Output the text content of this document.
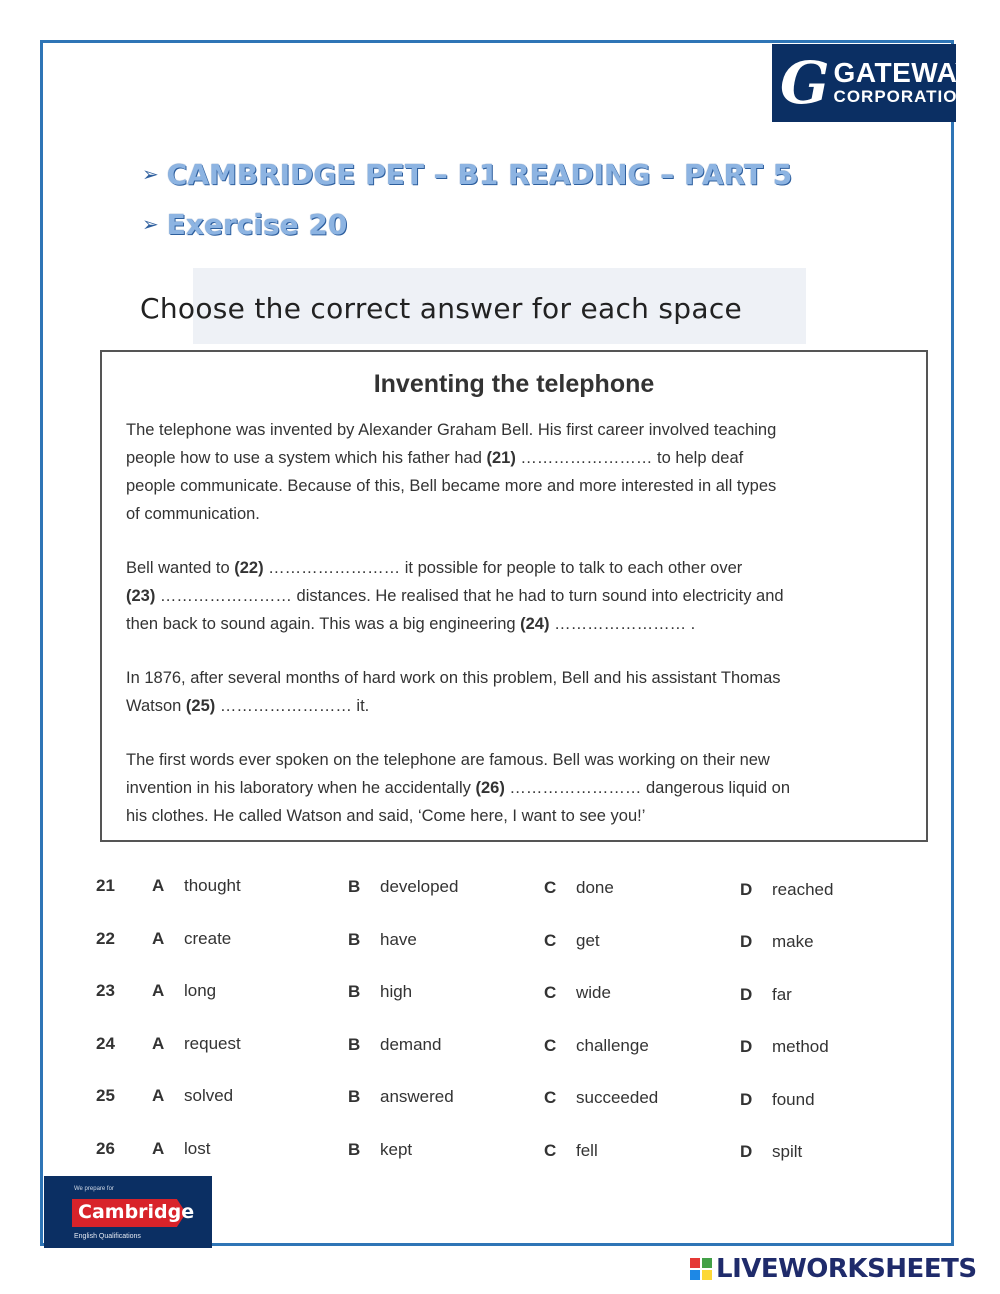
G GATEWAY
CORPORATION
➢ CAMBRIDGE PET – B1 READING – PART 5
➢ Exercise 20
Choose the correct answer for each space
Inventing the telephone
The telephone was invented by Alexander Graham Bell. His first career involved teaching
people how to use a system which his father had (21) …………………… to help deaf
people communicate. Because of this, Bell became more and more interested in all types
of communication.
Bell wanted to (22) …………………… it possible for people to talk to each other over
(23) …………………… distances. He realised that he had to turn sound into electricity and
then back to sound again. This was a big engineering (24) …………………… .
In 1876, after several months of hard work on this problem, Bell and his assistant Thomas
Watson (25) …………………… it.
The first words ever spoken on the telephone are famous. Bell was working on their new
invention in his laboratory when he accidentally (26) …………………… dangerous liquid on
his clothes. He called Watson and said, ‘Come here, I want to see you!’
21 A thought	B developed	C done	D reached
22 A create	B have	C get	D make
23 A long	B high	C wide	D far
24 A request	B demand	C challenge	D method
25 A solved	B answered	C succeeded	D found
26 A lost	B kept	C fell	D spilt
We prepare for
Cambridge
English Qualifications
LIVEWORKSHEETS
